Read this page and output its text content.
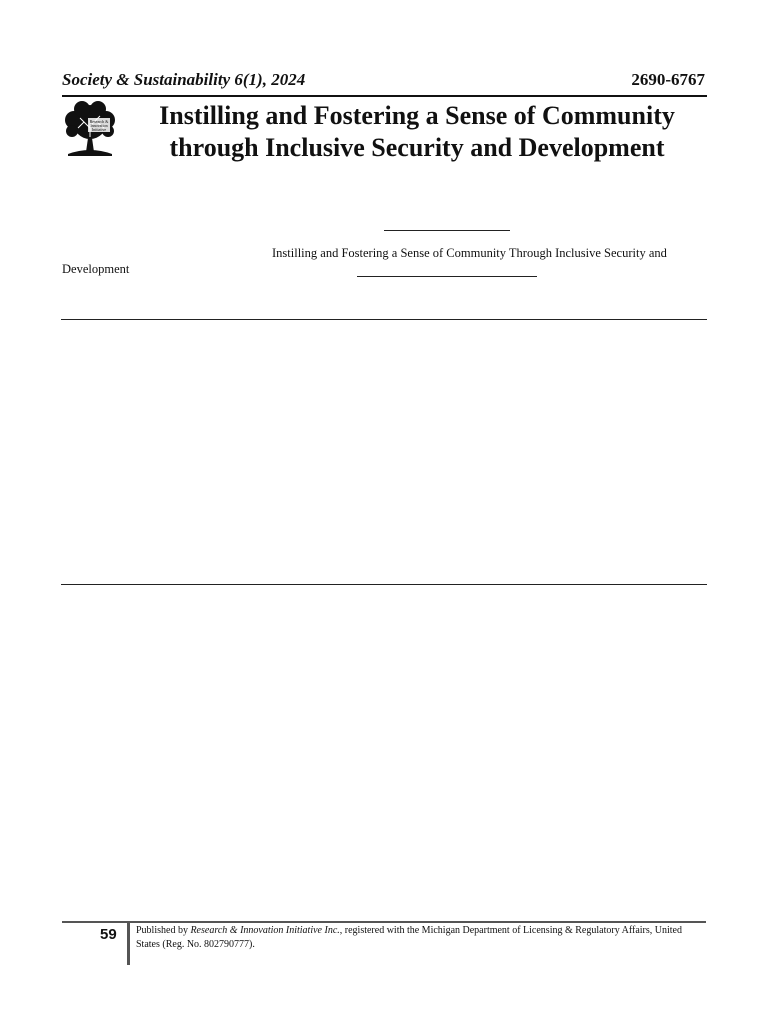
Society & Sustainability 6(1), 2024	2690-6767
Research &
Innovation
Initiative	Instilling and Fostering a Sense of Community
through Inclusive Security and Development
Instilling and Fostering a Sense of Community Through Inclusive Security and Development
59 Published by Research & Innovation Initiative Inc., registered with the Michigan Department of Licensing & Regulatory Affairs, United States (Reg. No. 802790777).
